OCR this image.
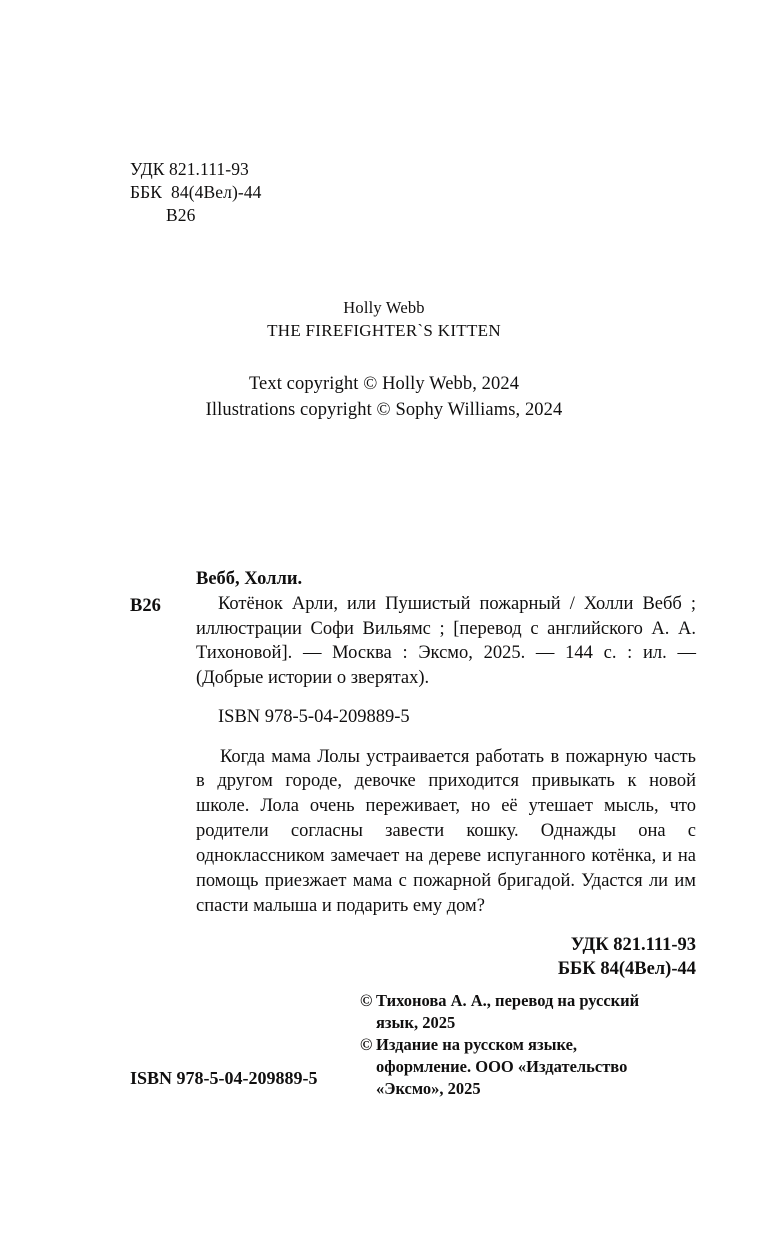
УДК 821.111-93
ББК  84(4Вел)-44
В26
Holly Webb
THE FIREFIGHTER`S KITTEN
Text copyright © Holly Webb, 2024
Illustrations copyright © Sophy Williams, 2024
Вебб, Холли.
В26	Котёнок Арли, или Пушистый пожарный / Холли Вебб ; иллюстрации Софи Вильямс ; [перевод с английского А. А. Тихоновой]. — Москва : Эксмо, 2025. — 144 с. : ил. — (Добрые истории о зверятах).
ISBN 978-5-04-209889-5
Когда мама Лолы устраивается работать в пожарную часть в другом городе, девочке приходится привыкать к новой школе. Лола очень переживает, но её утешает мысль, что родители согласны завести кошку. Однажды она с одноклассником замечает на дереве испуганного котёнка, и на помощь приезжает мама с пожарной бригадой. Удастся ли им спасти малыша и подарить ему дом?
УДК 821.111-93
ББК 84(4Вел)-44
© Тихонова А. А., перевод на русский
язык, 2025
© Издание на русском языке,
оформление. ООО «Издательство
«Эксмо», 2025
ISBN 978-5-04-209889-5
